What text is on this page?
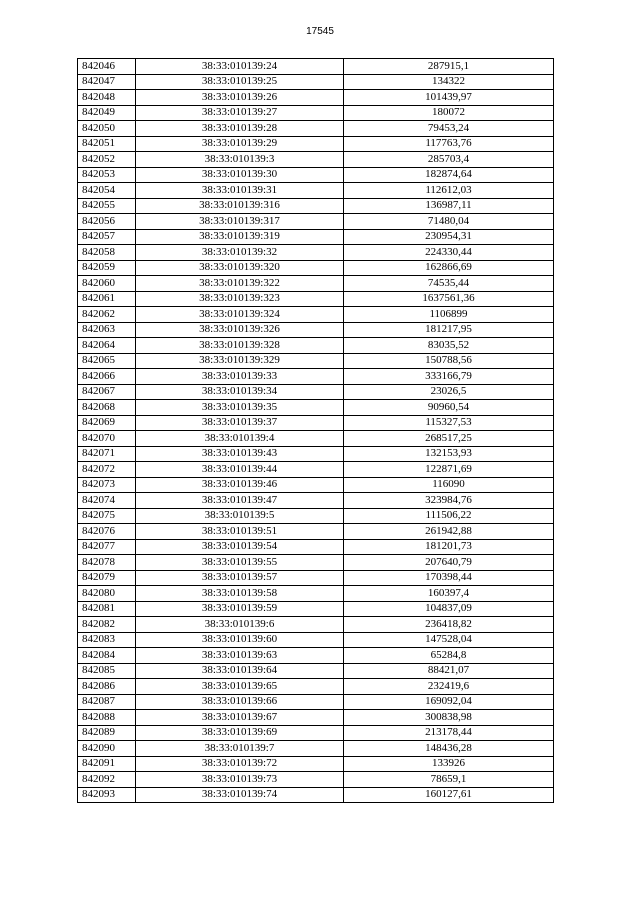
17545
842046	38:33:010139:24	287915,1
842047	38:33:010139:25	134322
842048	38:33:010139:26	101439,97
842049	38:33:010139:27	180072
842050	38:33:010139:28	79453,24
842051	38:33:010139:29	117763,76
842052	38:33:010139:3	285703,4
842053	38:33:010139:30	182874,64
842054	38:33:010139:31	112612,03
842055	38:33:010139:316	136987,11
842056	38:33:010139:317	71480,04
842057	38:33:010139:319	230954,31
842058	38:33:010139:32	224330,44
842059	38:33:010139:320	162866,69
842060	38:33:010139:322	74535,44
842061	38:33:010139:323	1637561,36
842062	38:33:010139:324	1106899
842063	38:33:010139:326	181217,95
842064	38:33:010139:328	83035,52
842065	38:33:010139:329	150788,56
842066	38:33:010139:33	333166,79
842067	38:33:010139:34	23026,5
842068	38:33:010139:35	90960,54
842069	38:33:010139:37	115327,53
842070	38:33:010139:4	268517,25
842071	38:33:010139:43	132153,93
842072	38:33:010139:44	122871,69
842073	38:33:010139:46	116090
842074	38:33:010139:47	323984,76
842075	38:33:010139:5	111506,22
842076	38:33:010139:51	261942,88
842077	38:33:010139:54	181201,73
842078	38:33:010139:55	207640,79
842079	38:33:010139:57	170398,44
842080	38:33:010139:58	160397,4
842081	38:33:010139:59	104837,09
842082	38:33:010139:6	236418,82
842083	38:33:010139:60	147528,04
842084	38:33:010139:63	65284,8
842085	38:33:010139:64	88421,07
842086	38:33:010139:65	232419,6
842087	38:33:010139:66	169092,04
842088	38:33:010139:67	300838,98
842089	38:33:010139:69	213178,44
842090	38:33:010139:7	148436,28
842091	38:33:010139:72	133926
842092	38:33:010139:73	78659,1
842093	38:33:010139:74	160127,61
